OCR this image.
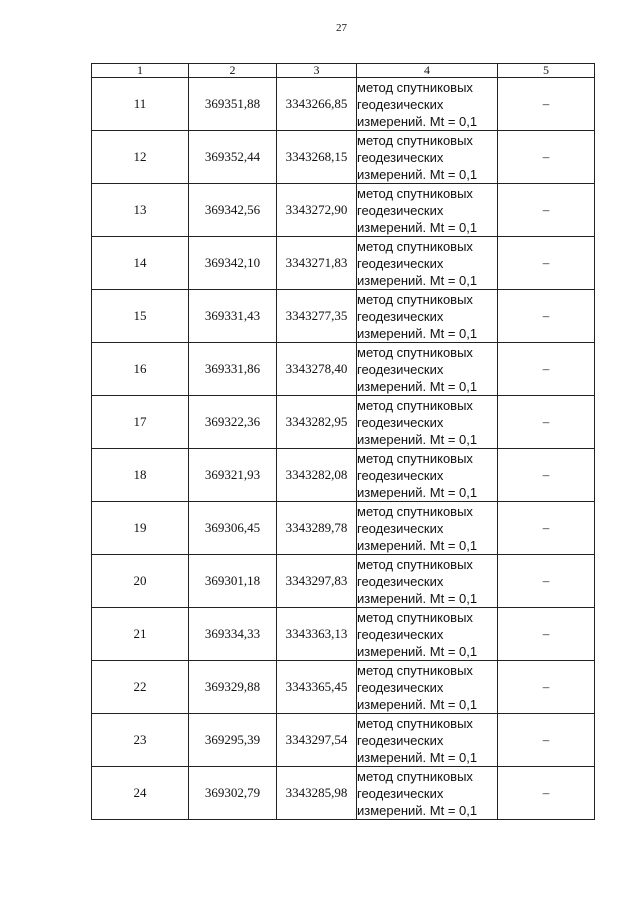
27
1	2	3	4	5
11	369351,88	3343266,85	метод спутниковых
геодезических
измерений. Mt = 0,1	–
12	369352,44	3343268,15	метод спутниковых
геодезических
измерений. Mt = 0,1	–
13	369342,56	3343272,90	метод спутниковых
геодезических
измерений. Mt = 0,1	–
14	369342,10	3343271,83	метод спутниковых
геодезических
измерений. Mt = 0,1	–
15	369331,43	3343277,35	метод спутниковых
геодезических
измерений. Mt = 0,1	–
16	369331,86	3343278,40	метод спутниковых
геодезических
измерений. Mt = 0,1	–
17	369322,36	3343282,95	метод спутниковых
геодезических
измерений. Mt = 0,1	–
18	369321,93	3343282,08	метод спутниковых
геодезических
измерений. Mt = 0,1	–
19	369306,45	3343289,78	метод спутниковых
геодезических
измерений. Mt = 0,1	–
20	369301,18	3343297,83	метод спутниковых
геодезических
измерений. Mt = 0,1	–
21	369334,33	3343363,13	метод спутниковых
геодезических
измерений. Mt = 0,1	–
22	369329,88	3343365,45	метод спутниковых
геодезических
измерений. Mt = 0,1	–
23	369295,39	3343297,54	метод спутниковых
геодезических
измерений. Mt = 0,1	–
24	369302,79	3343285,98	метод спутниковых
геодезических
измерений. Mt = 0,1	–
